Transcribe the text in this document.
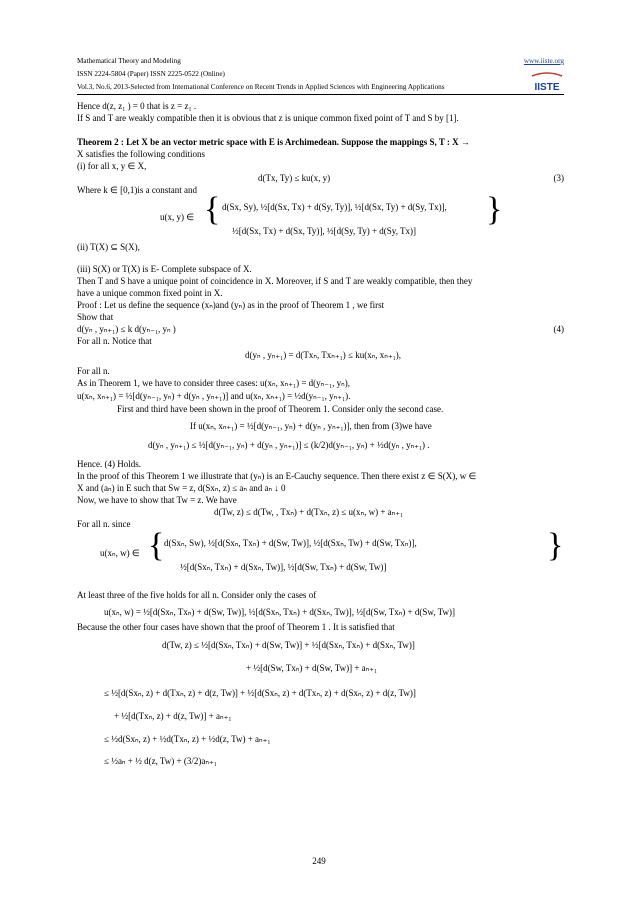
Mathematical Theory and Modeling
ISSN 2224-5804 (Paper) ISSN 2225-0522 (Online)
Vol.3, No.6, 2013-Selected from International Conference on Recent Trends in Applied Sciences with Engineering Applications
www.iiste.org
IISTE
Hence d(z, z₁ ) = 0 that is z = z₁ .
If S and T are weakly compatible then it is obvious that z is unique common fixed point of T and S by [1].
Theorem 2 : Let X be an vector metric space with E is Archimedean. Suppose the mappings S, T : X →
X satisfies the following conditions
(i) for all x, y ∈ X,
d(Tx, Ty) ≤ ku(x, y)	(3)
Where k ∈ [0,1)is a constant and
u(x, y) ∈ { d(Sx, Sy), ½[d(Sx, Tx) + d(Sy, Ty)], ½[d(Sx, Ty) + d(Sy, Tx)],
½[d(Sx, Tx) + d(Sx, Ty)], ½[d(Sy, Ty) + d(Sy, Tx)]
}
(ii) T(X) ⊆ S(X),
(iii) S(X) or T(X) is E- Complete subspace of X.
Then T and S have a unique point of coincidence in X. Moreover, if S and T are weakly compatible, then they
have a unique common fixed point in X.
Proof : Let us define the sequence (xₙ)and (yₙ) as in the proof of Theorem 1 , we first
Show that
d(yₙ , yₙ₊₁) ≤ k d(yₙ₋₁, yₙ )	(4)
For all n. Notice that
d(yₙ , yₙ₊₁) = d(Txₙ, Txₙ₊₁) ≤ ku(xₙ, xₙ₊₁),
For all n.
As in Theorem 1, we have to consider three cases: u(xₙ, xₙ₊₁) = d(yₙ₋₁, yₙ),
u(xₙ, xₙ₊₁) = ½[d(yₙ₋₁, yₙ) + d(yₙ , yₙ₊₁)] and u(xₙ, xₙ₊₁) = ½d(yₙ₋₁, yₙ₊₁).
First and third have been shown in the proof of Theorem 1. Consider only the second case.
If u(xₙ, xₙ₊₁) = ½[d(yₙ₋₁, yₙ) + d(yₙ , yₙ₊₁)], then from (3)we have
d(yₙ , yₙ₊₁) ≤ ½[d(yₙ₋₁, yₙ) + d(yₙ , yₙ₊₁)] ≤ (k/2)d(yₙ₋₁, yₙ) + ½d(yₙ , yₙ₊₁) .
Hence. (4) Holds.
In the proof of this Theorem 1 we illustrate that (yₙ) is an E-Cauchy sequence. Then there exist z ∈ S(X), w ∈
X and (aₙ) in E such that Sw = z, d(Sxₙ, z) ≤ aₙ and aₙ ↓ 0
Now, we have to show that Tw = z. We have
d(Tw, z) ≤ d(Tw, , Txₙ) + d(Txₙ, z) ≤ u(xₙ, w) + aₙ₊₁
For all n. since
u(xₙ, w) ∈ { d(Sxₙ, Sw), ½[d(Sxₙ, Txₙ) + d(Sw, Tw)], ½[d(Sxₙ, Tw) + d(Sw, Txₙ)],
½[d(Sxₙ, Txₙ) + d(Sxₙ, Tw)], ½[d(Sw, Txₙ) + d(Sw, Tw)]
}
At least three of the five holds for all n. Consider only the cases of
u(xₙ, w) = ½[d(Sxₙ, Txₙ) + d(Sw, Tw)], ½[d(Sxₙ, Txₙ) + d(Sxₙ, Tw)], ½[d(Sw, Txₙ) + d(Sw, Tw)]
Because the other four cases have shown that the proof of Theorem 1 . It is satisfied that
d(Tw, z) ≤ ½[d(Sxₙ, Txₙ) + d(Sw, Tw)] + ½[d(Sxₙ, Txₙ) + d(Sxₙ, Tw)]
+ ½[d(Sw, Txₙ) + d(Sw, Tw)] + aₙ₊₁
≤ ½[d(Sxₙ, z) + d(Txₙ, z) + d(z, Tw)] + ½[d(Sxₙ, z) + d(Txₙ, z) + d(Sxₙ, z) + d(z, Tw)]
+ ½[d(Txₙ, z) + d(z, Tw)] + aₙ₊₁
≤ ½d(Sxₙ, z) + ½d(Txₙ, z) + ½d(z, Tw) + aₙ₊₁
≤ ½aₙ + ½ d(z, Tw) + (3/2)aₙ₊₁
249
